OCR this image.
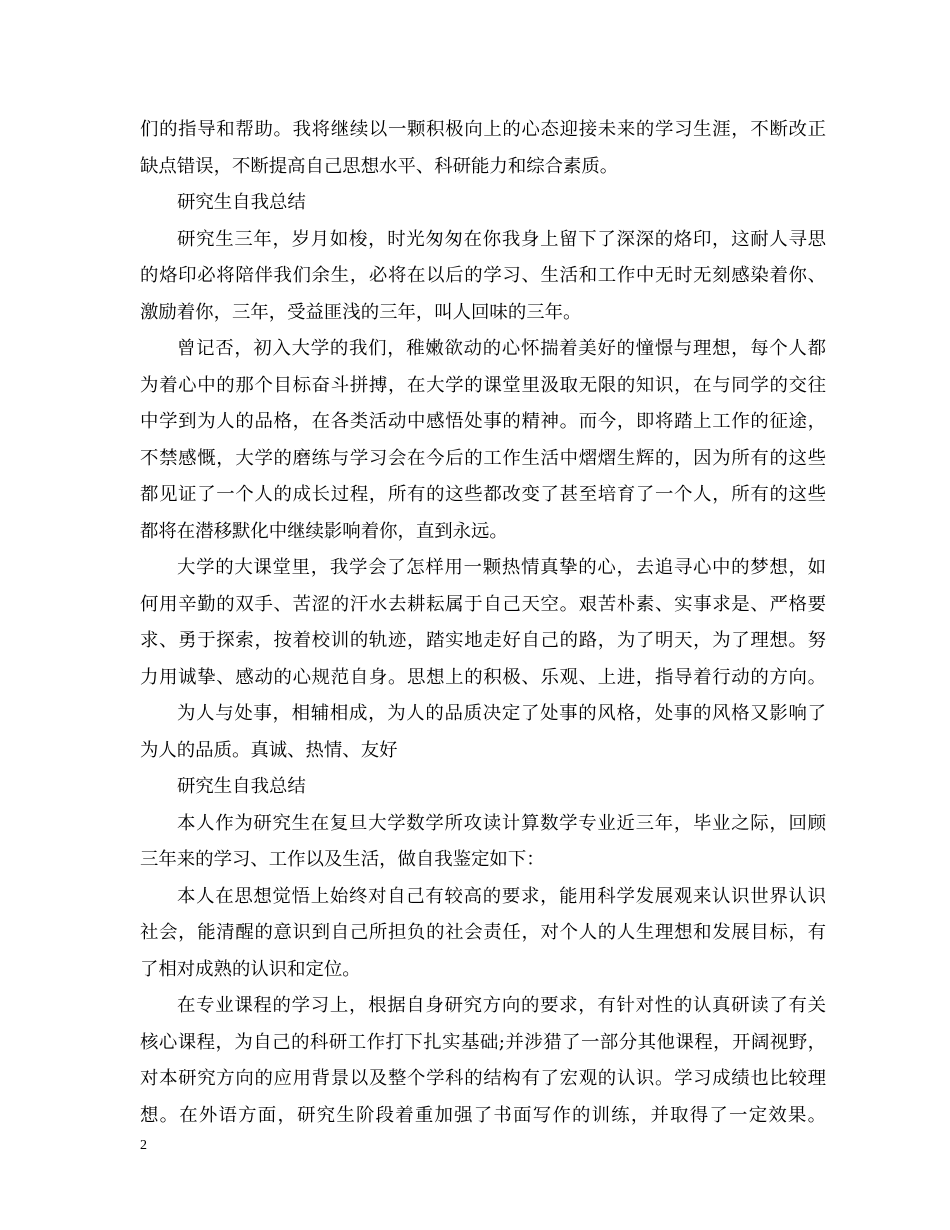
们的指导和帮助。我将继续以一颗积极向上的心态迎接未来的学习生涯，不断改正
缺点错误，不断提高自己思想水平、科研能力和综合素质。
研究生自我总结
研究生三年，岁月如梭，时光匆匆在你我身上留下了深深的烙印，这耐人寻思
的烙印必将陪伴我们余生，必将在以后的学习、生活和工作中无时无刻感染着你、
激励着你，三年，受益匪浅的三年，叫人回味的三年。
曾记否，初入大学的我们，稚嫩欲动的心怀揣着美好的憧憬与理想，每个人都
为着心中的那个目标奋斗拼搏，在大学的课堂里汲取无限的知识，在与同学的交往
中学到为人的品格，在各类活动中感悟处事的精神。而今，即将踏上工作的征途，
不禁感慨，大学的磨练与学习会在今后的工作生活中熠熠生辉的，因为所有的这些
都见证了一个人的成长过程，所有的这些都改变了甚至培育了一个人，所有的这些
都将在潜移默化中继续影响着你，直到永远。
大学的大课堂里，我学会了怎样用一颗热情真挚的心，去追寻心中的梦想，如
何用辛勤的双手、苦涩的汗水去耕耘属于自己天空。艰苦朴素、实事求是、严格要
求、勇于探索，按着校训的轨迹，踏实地走好自己的路，为了明天，为了理想。努
力用诚挚、感动的心规范自身。思想上的积极、乐观、上进，指导着行动的方向。
为人与处事，相辅相成，为人的品质决定了处事的风格，处事的风格又影响了
为人的品质。真诚、热情、友好
研究生自我总结
本人作为研究生在复旦大学数学所攻读计算数学专业近三年，毕业之际，回顾
三年来的学习、工作以及生活，做自我鉴定如下：
本人在思想觉悟上始终对自己有较高的要求，能用科学发展观来认识世界认识
社会，能清醒的意识到自己所担负的社会责任，对个人的人生理想和发展目标，有
了相对成熟的认识和定位。
在专业课程的学习上，根据自身研究方向的要求，有针对性的认真研读了有关
核心课程，为自己的科研工作打下扎实基础;并涉猎了一部分其他课程，开阔视野，
对本研究方向的应用背景以及整个学科的结构有了宏观的认识。学习成绩也比较理
想。在外语方面，研究生阶段着重加强了书面写作的训练，并取得了一定效果。
2
